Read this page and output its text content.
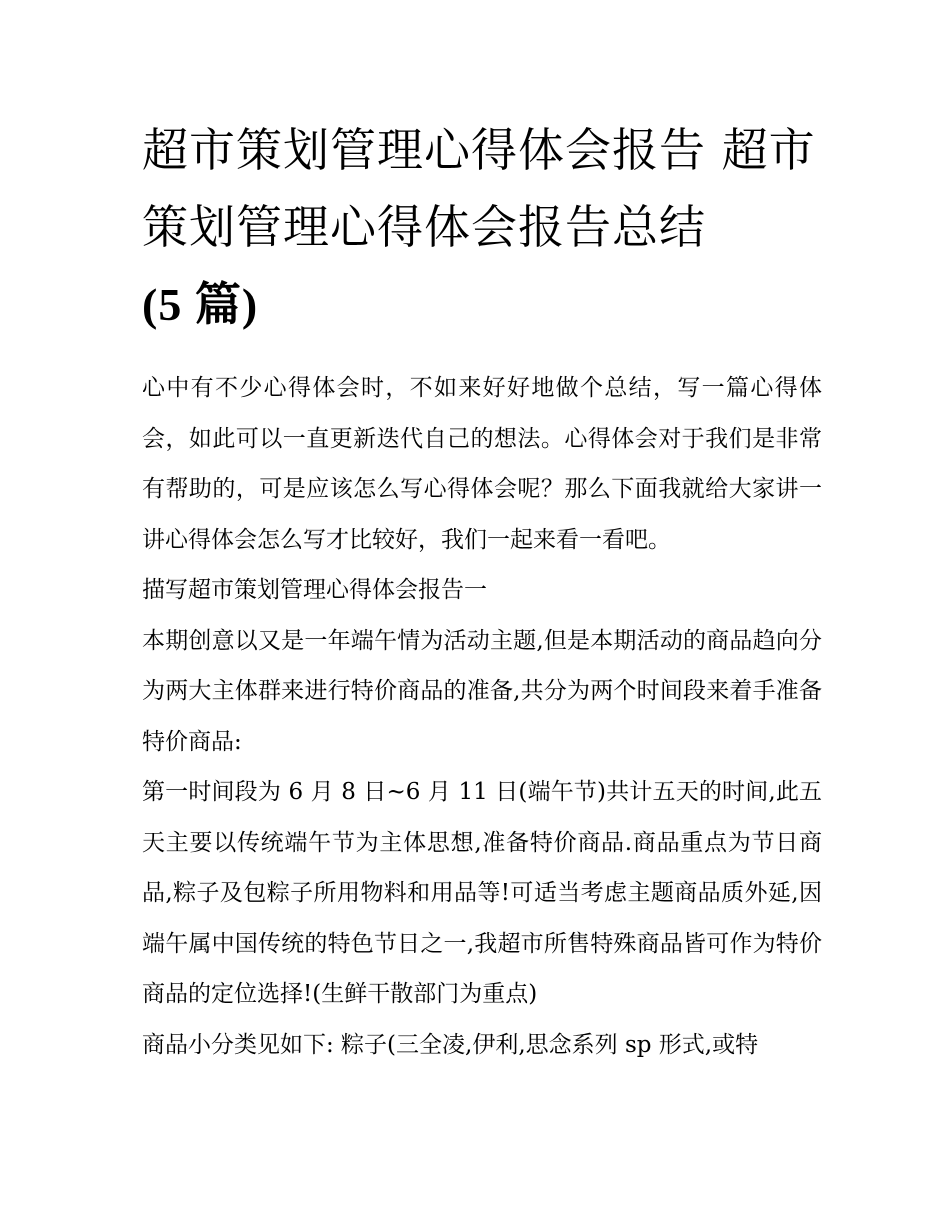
超市策划管理心得体会报告 超市策划管理心得体会报告总结
(5 篇)

心中有不少心得体会时，不如来好好地做个总结，写一篇心得体会，如此可以一直更新迭代自己的想法。心得体会对于我们是非常有帮助的，可是应该怎么写心得体会呢？那么下面我就给大家讲一讲心得体会怎么写才比较好，我们一起来看一看吧。

描写超市策划管理心得体会报告一

本期创意以又是一年端午情为活动主题,但是本期活动的商品趋向分为两大主体群来进行特价商品的准备,共分为两个时间段来着手准备特价商品:

第一时间段为 6 月 8 日~6 月 11 日(端午节)共计五天的时间,此五天主要以传统端午节为主体思想,准备特价商品.商品重点为节日商品,粽子及包粽子所用物料和用品等!可适当考虑主题商品质外延,因端午属中国传统的特色节日之一,我超市所售特殊商品皆可作为特价商品的定位选择!(生鲜干散部门为重点)

商品小分类见如下: 粽子(三全凌,伊利,思念系列 sp 形式,或特
